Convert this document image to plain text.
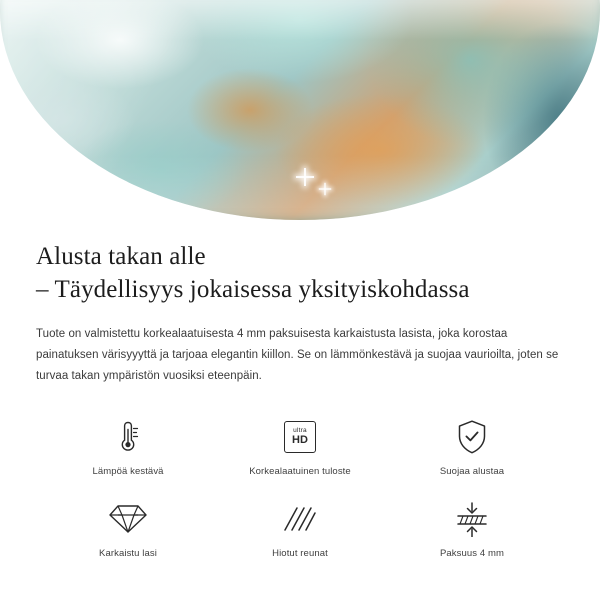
Alusta takan alle
– Täydellisyys jokaisessa yksityiskohdassa

Tuote on valmistettu korkealaatuisesta 4 mm paksuisesta karkaistusta lasista, joka korostaa painatuksen värisyyyttä ja tarjoaa elegantin kiillon. Se on lämmönkestävä ja suojaa vaurioilta, joten se turvaa takan ympäristön vuosiksi eteenpäin.

Lämpöä kestävä
ultra
HD
Korkealaatuinen tuloste	Suojaa alustaa
Karkaistu lasi	Hiotut reunat	Paksuus 4 mm
